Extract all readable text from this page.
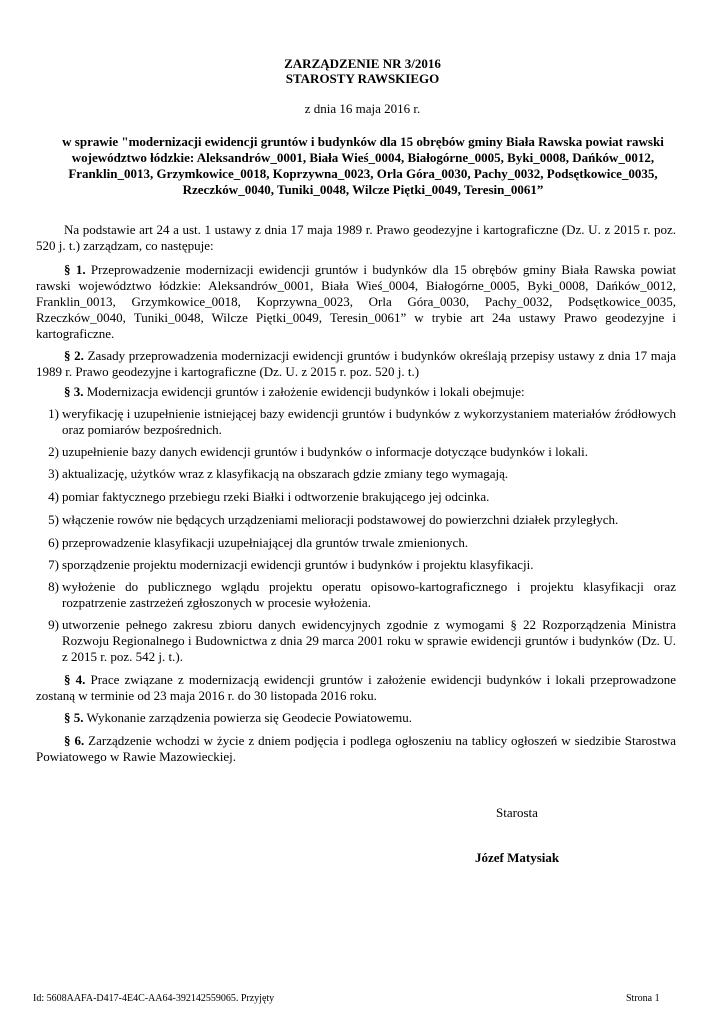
ZARZĄDZENIE NR 3/2016
STAROSTY RAWSKIEGO
z dnia 16 maja 2016 r.
w sprawie "modernizacji ewidencji gruntów i budynków dla 15 obrębów gminy Biała Rawska powiat rawski województwo łódzkie: Aleksandrów_0001, Biała Wieś_0004, Białogórne_0005, Byki_0008, Dańków_0012, Franklin_0013, Grzymkowice_0018, Koprzywna_0023, Orla Góra_0030, Pachy_0032, Podsętkowice_0035, Rzeczków_0040, Tuniki_0048, Wilcze Piętki_0049, Teresin_0061”

Na podstawie art 24 a ust. 1 ustawy z dnia 17 maja 1989 r. Prawo geodezyjne i kartograficzne (Dz. U. z 2015 r. poz. 520 j. t.) zarządzam, co następuje:

§ 1. Przeprowadzenie modernizacji ewidencji gruntów i budynków dla 15 obrębów gminy Biała Rawska powiat rawski województwo łódzkie: Aleksandrów_0001, Biała Wieś_0004, Białogórne_0005, Byki_0008, Dańków_0012, Franklin_0013, Grzymkowice_0018, Koprzywna_0023, Orla Góra_0030, Pachy_0032, Podsętkowice_0035, Rzeczków_0040, Tuniki_0048, Wilcze Piętki_0049, Teresin_0061” w trybie art 24a ustawy Prawo geodezyjne i kartograficzne.

§ 2. Zasady przeprowadzenia modernizacji ewidencji gruntów i budynków określają przepisy ustawy z dnia 17 maja 1989 r. Prawo geodezyjne i kartograficzne (Dz. U. z 2015 r. poz. 520 j. t.)

§ 3. Modernizacja ewidencji gruntów i założenie ewidencji budynków i lokali obejmuje:

1) weryfikację i uzupełnienie istniejącej bazy ewidencji gruntów i budynków z wykorzystaniem materiałów źródłowych oraz pomiarów bezpośrednich.
2) uzupełnienie bazy danych ewidencji gruntów i budynków o informacje dotyczące budynków i lokali.
3) aktualizację, użytków wraz z klasyfikacją na obszarach gdzie zmiany tego wymagają.
4) pomiar faktycznego przebiegu rzeki Białki i odtworzenie brakującego jej odcinka.
5) włączenie rowów nie będących urządzeniami melioracji podstawowej do powierzchni działek przyległych.
6) przeprowadzenie klasyfikacji uzupełniającej dla gruntów trwale zmienionych.
7) sporządzenie projektu modernizacji ewidencji gruntów i budynków i projektu klasyfikacji.
8) wyłożenie do publicznego wglądu projektu operatu opisowo-kartograficznego i projektu klasyfikacji oraz rozpatrzenie zastrzeżeń zgłoszonych w procesie wyłożenia.
9) utworzenie pełnego zakresu zbioru danych ewidencyjnych zgodnie z wymogami § 22 Rozporządzenia Ministra Rozwoju Regionalnego i Budownictwa z dnia 29 marca 2001 roku w sprawie ewidencji gruntów i budynków (Dz. U. z 2015 r. poz. 542 j. t.).

§ 4. Prace związane z modernizacją ewidencji gruntów i założenie ewidencji budynków i lokali przeprowadzone zostaną w terminie od 23 maja 2016 r. do 30 listopada 2016 roku.

§ 5. Wykonanie zarządzenia powierza się Geodecie Powiatowemu.

§ 6. Zarządzenie wchodzi w życie z dniem podjęcia i podlega ogłoszeniu na tablicy ogłoszeń w siedzibie Starostwa Powiatowego w Rawie Mazowieckiej.

Starosta
Józef Matysiak
Id: 5608AAFA-D417-4E4C-AA64-392142559065. Przyjęty	Strona 1
